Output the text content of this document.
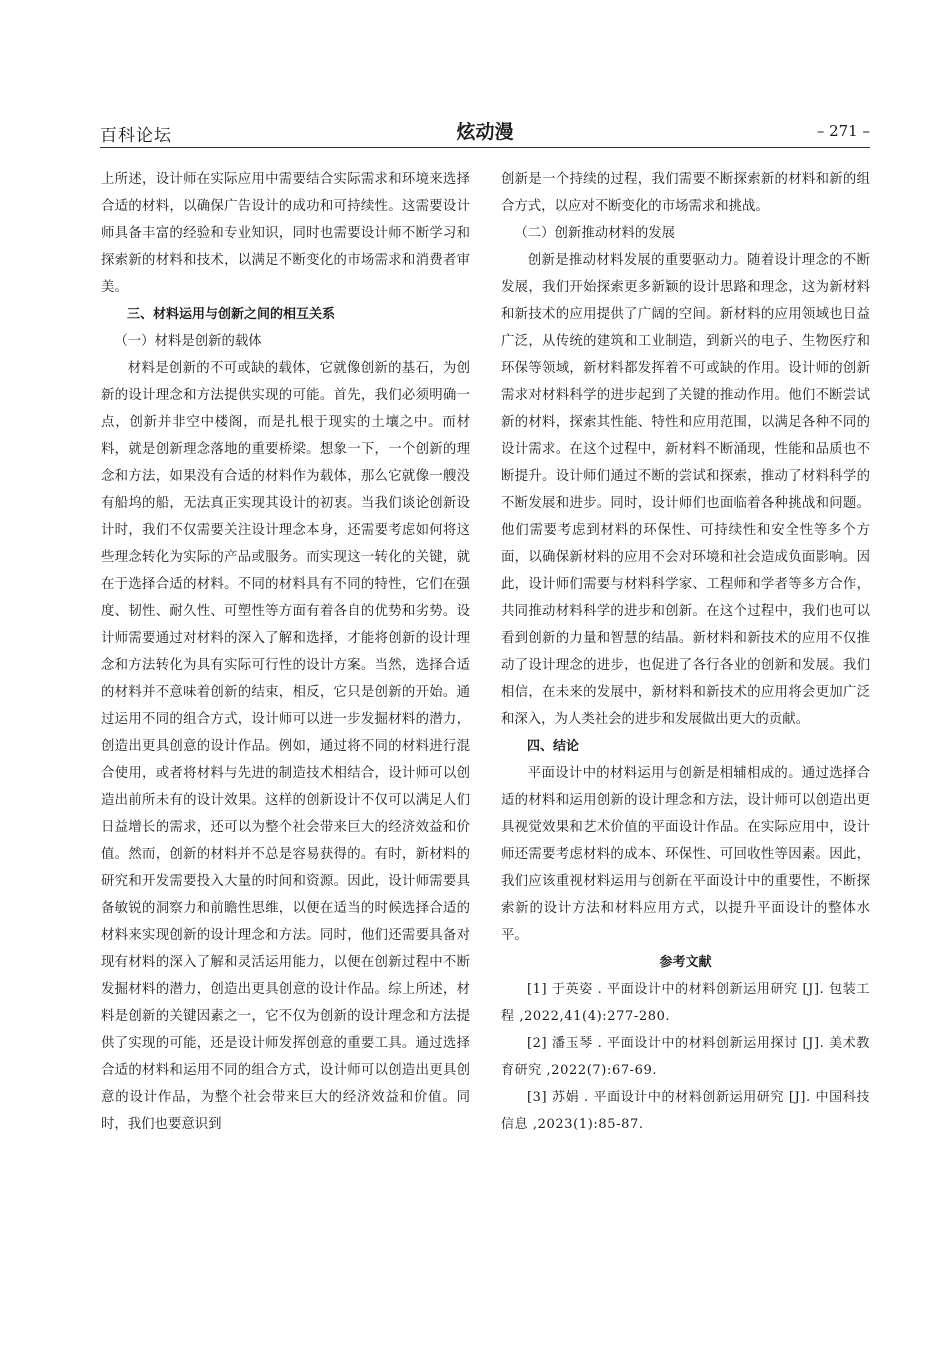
百科论坛	炫动漫	– 271 –

上所述，设计师在实际应用中需要结合实际需求和环境来选择合适的材料，以确保广告设计的成功和可持续性。这需要设计师具备丰富的经验和专业知识，同时也需要设计师不断学习和探索新的材料和技术，以满足不断变化的市场需求和消费者审美。

三、材料运用与创新之间的相互关系

（一）材料是创新的载体

材料是创新的不可或缺的载体，它就像创新的基石，为创新的设计理念和方法提供实现的可能。首先，我们必须明确一点，创新并非空中楼阁，而是扎根于现实的土壤之中。而材料，就是创新理念落地的重要桥梁。想象一下，一个创新的理念和方法，如果没有合适的材料作为载体，那么它就像一艘没有船坞的船，无法真正实现其设计的初衷。当我们谈论创新设计时，我们不仅需要关注设计理念本身，还需要考虑如何将这些理念转化为实际的产品或服务。而实现这一转化的关键，就在于选择合适的材料。不同的材料具有不同的特性，它们在强度、韧性、耐久性、可塑性等方面有着各自的优势和劣势。设计师需要通过对材料的深入了解和选择，才能将创新的设计理念和方法转化为具有实际可行性的设计方案。当然，选择合适的材料并不意味着创新的结束，相反，它只是创新的开始。通过运用不同的组合方式，设计师可以进一步发掘材料的潜力，创造出更具创意的设计作品。例如，通过将不同的材料进行混合使用，或者将材料与先进的制造技术相结合，设计师可以创造出前所未有的设计效果。这样的创新设计不仅可以满足人们日益增长的需求，还可以为整个社会带来巨大的经济效益和价值。然而，创新的材料并不总是容易获得的。有时，新材料的研究和开发需要投入大量的时间和资源。因此，设计师需要具备敏锐的洞察力和前瞻性思维，以便在适当的时候选择合适的材料来实现创新的设计理念和方法。同时，他们还需要具备对现有材料的深入了解和灵活运用能力，以便在创新过程中不断发掘材料的潜力，创造出更具创意的设计作品。综上所述，材料是创新的关键因素之一，它不仅为创新的设计理念和方法提供了实现的可能，还是设计师发挥创意的重要工具。通过选择合适的材料和运用不同的组合方式，设计师可以创造出更具创意的设计作品，为整个社会带来巨大的经济效益和价值。同时，我们也要意识到

创新是一个持续的过程，我们需要不断探索新的材料和新的组合方式，以应对不断变化的市场需求和挑战。

（二）创新推动材料的发展

创新是推动材料发展的重要驱动力。随着设计理念的不断发展，我们开始探索更多新颖的设计思路和理念，这为新材料和新技术的应用提供了广阔的空间。新材料的应用领域也日益广泛，从传统的建筑和工业制造，到新兴的电子、生物医疗和环保等领域，新材料都发挥着不可或缺的作用。设计师的创新需求对材料科学的进步起到了关键的推动作用。他们不断尝试新的材料，探索其性能、特性和应用范围，以满足各种不同的设计需求。在这个过程中，新材料不断涌现，性能和品质也不断提升。设计师们通过不断的尝试和探索，推动了材料科学的不断发展和进步。同时，设计师们也面临着各种挑战和问题。他们需要考虑到材料的环保性、可持续性和安全性等多个方面，以确保新材料的应用不会对环境和社会造成负面影响。因此，设计师们需要与材料科学家、工程师和学者等多方合作，共同推动材料科学的进步和创新。在这个过程中，我们也可以看到创新的力量和智慧的结晶。新材料和新技术的应用不仅推动了设计理念的进步，也促进了各行各业的创新和发展。我们相信，在未来的发展中，新材料和新技术的应用将会更加广泛和深入，为人类社会的进步和发展做出更大的贡献。

四、结论

平面设计中的材料运用与创新是相辅相成的。通过选择合适的材料和运用创新的设计理念和方法，设计师可以创造出更具视觉效果和艺术价值的平面设计作品。在实际应用中，设计师还需要考虑材料的成本、环保性、可回收性等因素。因此，我们应该重视材料运用与创新在平面设计中的重要性，不断探索新的设计方法和材料应用方式，以提升平面设计的整体水平。

参考文献

[1] 于英姿 . 平面设计中的材料创新运用研究 [J]. 包装工程 ,2022,41(4):277-280.

[2] 潘玉琴 . 平面设计中的材料创新运用探讨 [J]. 美术教育研究 ,2022(7):67-69.

[3] 苏娟 . 平面设计中的材料创新运用研究 [J]. 中国科技信息 ,2023(1):85-87.
